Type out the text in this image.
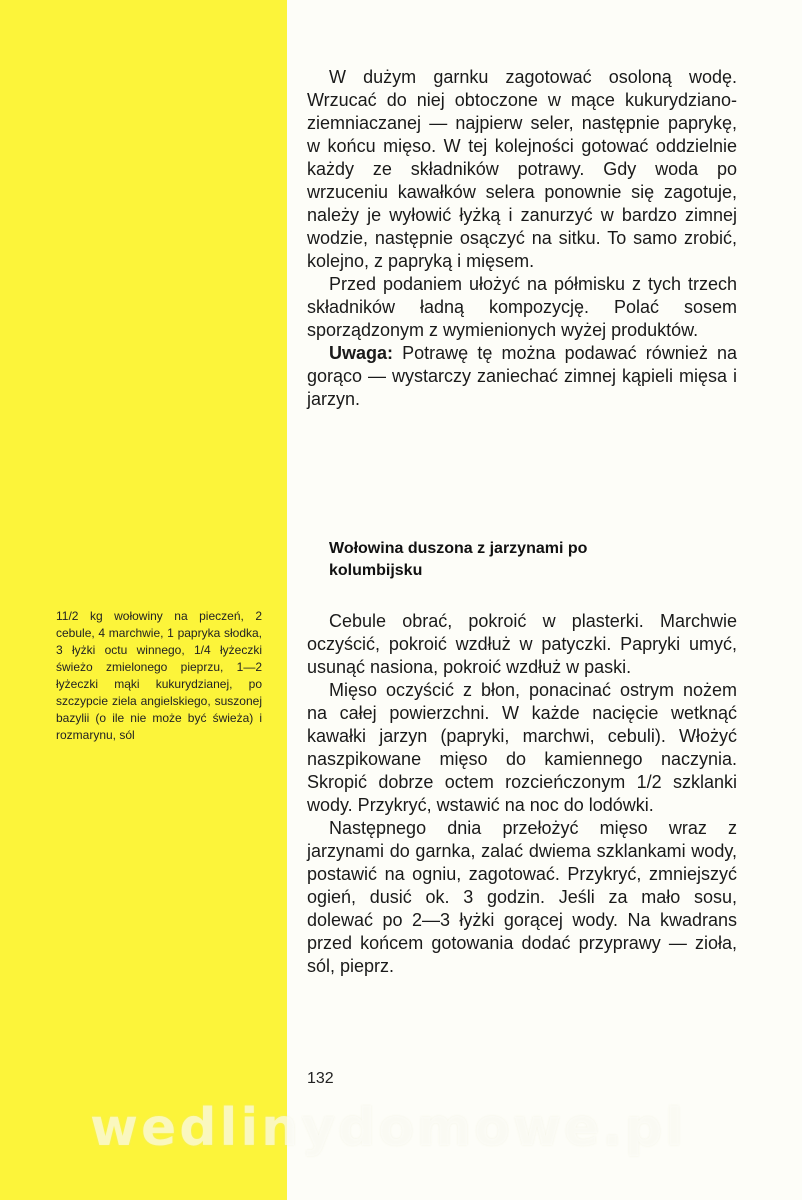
W dużym garnku zagotować osoloną wodę. Wrzucać do niej obtoczone w mące kukurydziano-ziemniaczanej — najpierw seler, następnie paprykę, w końcu mięso. W tej kolejności gotować oddzielnie każdy ze składników potrawy. Gdy woda po wrzuceniu kawałków selera ponownie się zagotuje, należy je wyłowić łyżką i zanurzyć w bardzo zimnej wodzie, następnie osączyć na sitku. To samo zrobić, kolejno, z papryką i mięsem.

Przed podaniem ułożyć na półmisku z tych trzech składników ładną kompozycję. Polać sosem sporządzonym z wymienionych wyżej produktów.

Uwaga: Potrawę tę można podawać również na gorąco — wystarczy zaniechać zimnej kąpieli mięsa i jarzyn.

Wołowina duszona z jarzynami po kolumbijsku

11/2 kg wołowiny na pieczeń, 2 cebule, 4 marchwie, 1 papryka słodka, 3 łyżki octu winnego, 1/4 łyżeczki świeżo zmielonego pieprzu, 1—2 łyżeczki mąki kukurydzianej, po szczypcie ziela angielskiego, suszonej bazylii (o ile nie może być świeża) i rozmarynu, sól

Cebule obrać, pokroić w plasterki. Marchwie oczyścić, pokroić wzdłuż w patyczki. Papryki umyć, usunąć nasiona, pokroić wzdłuż w paski.

Mięso oczyścić z błon, ponacinać ostrym nożem na całej powierzchni. W każde nacięcie wetknąć kawałki jarzyn (papryki, marchwi, cebuli). Włożyć naszpikowane mięso do kamiennego naczynia. Skropić dobrze octem rozcieńczonym 1/2 szklanki wody. Przykryć, wstawić na noc do lodówki.

Następnego dnia przełożyć mięso wraz z jarzynami do garnka, zalać dwiema szklankami wody, postawić na ogniu, zagotować. Przykryć, zmniejszyć ogień, dusić ok. 3 godzin. Jeśli za mało sosu, dolewać po 2—3 łyżki gorącej wody. Na kwadrans przed końcem gotowania dodać przyprawy — zioła, sól, pieprz.

132

wedlinydomowe.pl
